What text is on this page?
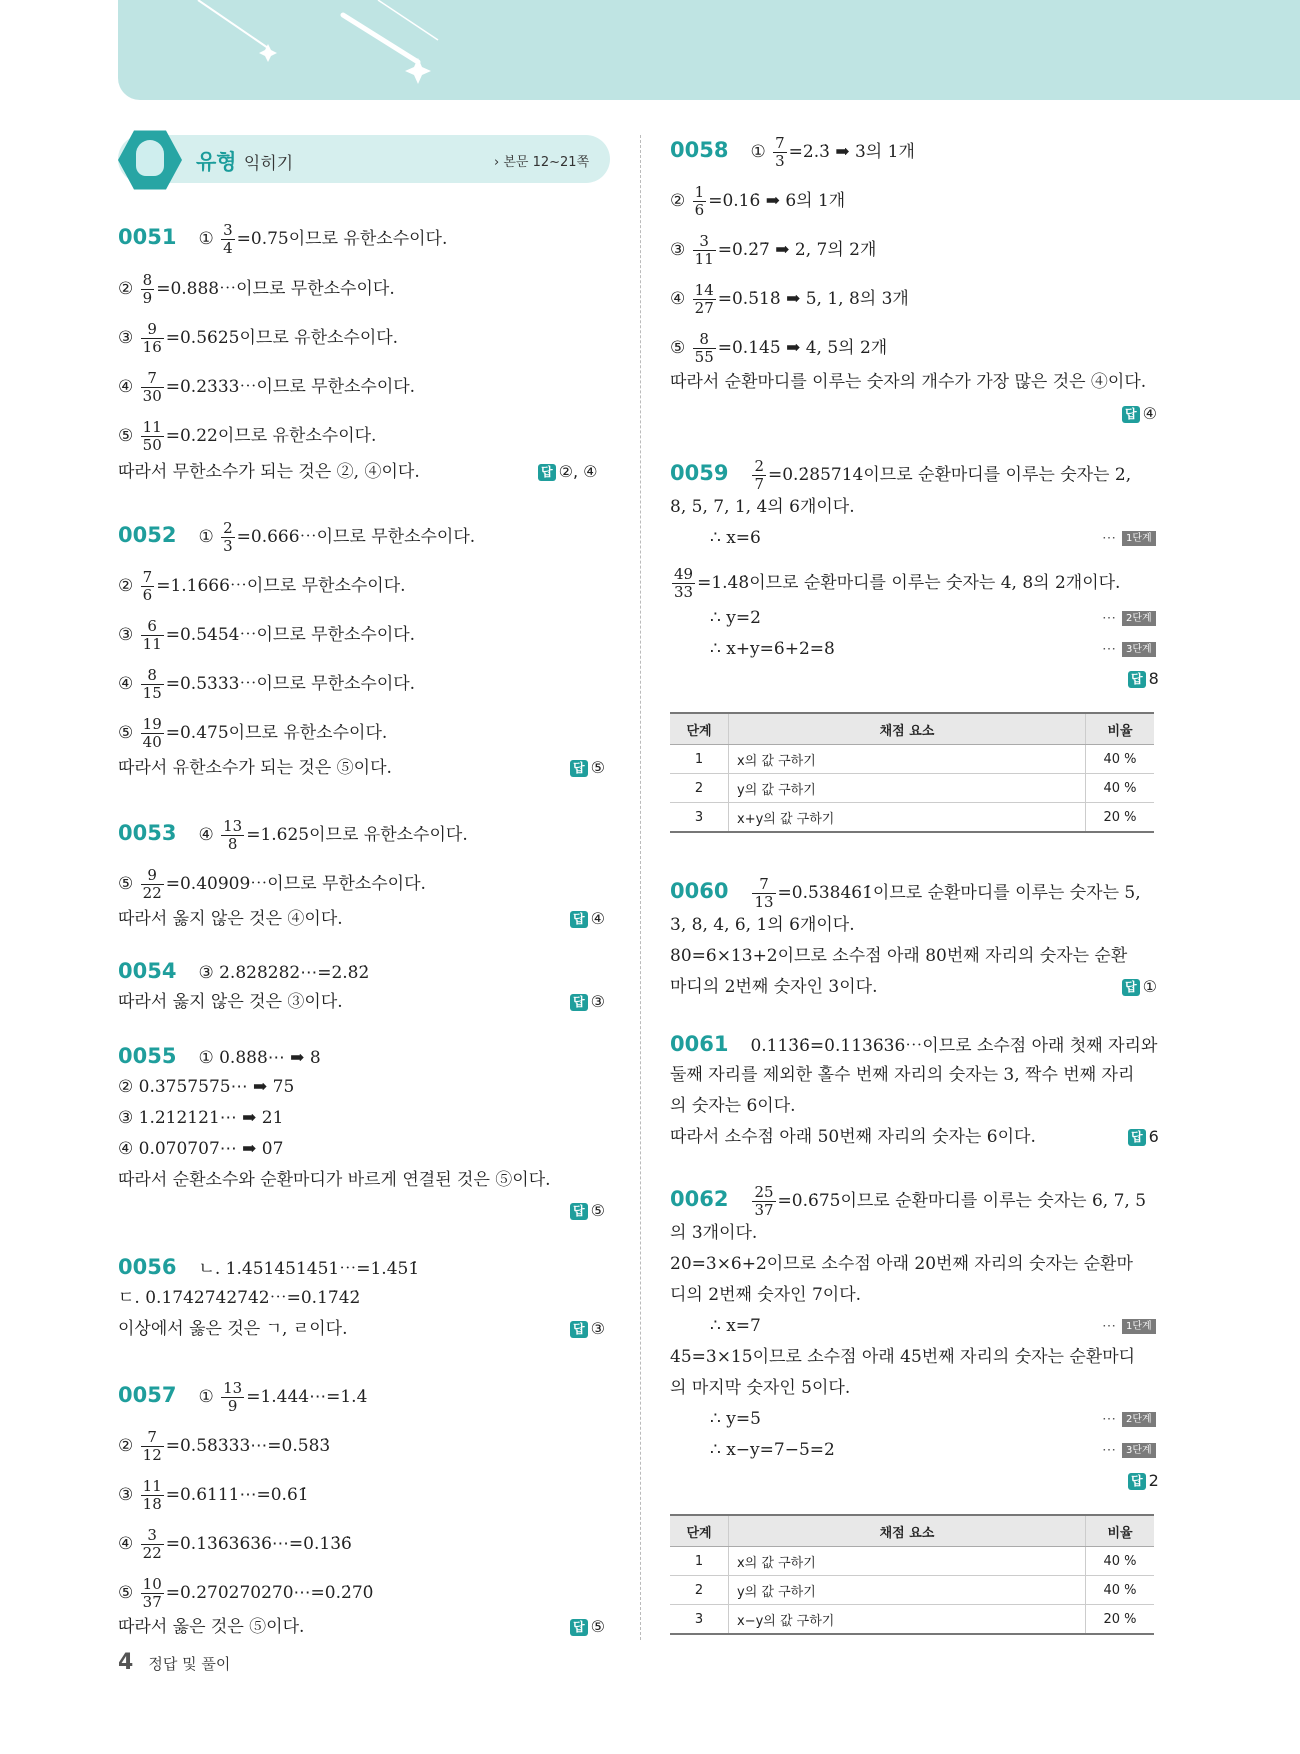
유형 익히기	› 본문 12~21쪽
0051 ① $\frac{3}{4} =0.75$이므로 유한소수이다.
② $\frac{8}{9}$ =0.888⋯이므로 무한소수이다.
③ $\frac{9}{16} =0.5625$이므로 유한소수이다.
④ $\frac{7}{30}$ =0.2333⋯이므로 무한소수이다.
⑤ $\frac{11}{50} =0.22$이므로 유한소수이다.
따라서 무한소수가 되는 것은 ②, ④이다.	답 ②, ④
0052 ① $\frac{2}{3}$ =0.666⋯이므로 무한소수이다.
② $\frac{7}{6}$ =1.1666⋯이므로 무한소수이다.
③ $\frac{6}{11}$ =0.5454⋯이므로 무한소수이다.
④ $\frac{8}{15}$ =0.5333⋯이므로 무한소수이다.
⑤ $\frac{19}{40} =0.475$이므로 유한소수이다.
따라서 유한소수가 되는 것은 ⑤이다.	답 ⑤
0053 ④ $\frac{13}{8} =1.625$이므로 유한소수이다.
⑤ $\frac{9}{22}$ =0.40909⋯이므로 무한소수이다.
따라서 옳지 않은 것은 ④이다.	답 ④
0054 ③ 2.828282⋯=2.8̇2̇
따라서 옳지 않은 것은 ③이다.	답 ③
0055 ① 0.888⋯ ➡ 8
② 0.3757575⋯ ➡ 75
③ 1.212121⋯ ➡ 21
④ 0.070707⋯ ➡ 07
따라서 순환소수와 순환마디가 바르게 연결된 것은 ⑤이다.
답 ⑤
0056 ㄴ. 1.451451451⋯=1.4̇51̇
ㄷ. 0.1742742742⋯=0.17̇42̇
이상에서 옳은 것은 ㄱ, ㄹ이다.	답 ③
0057 ① $\frac{13}{9}$ =1.444⋯=1.4̇
② $\frac{7}{12}$ =0.58333⋯=0.583̇
③ $\frac{11}{18}$ =0.6111⋯=0.61̇
④ $\frac{3}{22}$ =0.1363636⋯=0.13̇6̇
⑤ $\frac{10}{37}$ =0.270270270⋯=0.2̇70̇
따라서 옳은 것은 ⑤이다.	답 ⑤
0058 ① $\frac{7}{3}$ =2.3̇ ➡ 3의 1개
② $\frac{1}{6}$ =0.16̇ ➡ 6의 1개
③ $\frac{3}{11}$ =0.2̇7̇ ➡ 2, 7의 2개
④ $\frac{14}{27}$ =0.5̇18̇ ➡ 5, 1, 8의 3개
⑤ $\frac{8}{55}$ =0.14̇5̇ ➡ 4, 5의 2개
따라서 순환마디를 이루는 숫자의 개수가 가장 많은 것은 ④이다.
답 ④
$0059 \frac{2}{7}$ =0.2̇85714̇이므로 순환마디를 이루는 숫자는 2,
8, 5, 7, 1, 4의 6개이다.
∴ x=6	⋯ 1단계
$\frac{49}{33}$ =1.4̇8̇이므로 순환마디를 이루는 숫자는 4, 8의 2개이다.
∴ y=2	⋯ 2단계
∴ x+y=6+2=8	⋯ 3단계
답 8
단계	채점 요소	비율
1	x의 값 구하기	40 %
2	y의 값 구하기	40 %
3	x+y의 값 구하기	20 %
$0060 \frac{7}{13}$ =0.5̇38461̇이므로 순환마디를 이루는 숫자는 5,
3, 8, 4, 6, 1의 6개이다.
80=6×13+2이므로 소수점 아래 80번째 자리의 숫자는 순환
마디의 2번째 숫자인 3이다.	답 ①
0061 0.113̇6̇=0.113636⋯이므로 소수점 아래 첫째 자리와
둘째 자리를 제외한 홀수 번째 자리의 숫자는 3, 짝수 번째 자리
의 숫자는 6이다.
따라서 소수점 아래 50번째 자리의 숫자는 6이다.	답 6
$0062 \frac{25}{37}$ =0.6̇75̇이므로 순환마디를 이루는 숫자는 6, 7, 5
의 3개이다.
20=3×6+2이므로 소수점 아래 20번째 자리의 숫자는 순환마
디의 2번째 숫자인 7이다.
∴ x=7	⋯ 1단계
45=3×15이므로 소수점 아래 45번째 자리의 숫자는 순환마디
의 마지막 숫자인 5이다.
∴ y=5	⋯ 2단계
∴ x−y=7−5=2	⋯ 3단계
답 2
단계	채점 요소	비율
1	x의 값 구하기	40 %
2	y의 값 구하기	40 %
3	x−y의 값 구하기	20 %
4 정답 및 풀이
